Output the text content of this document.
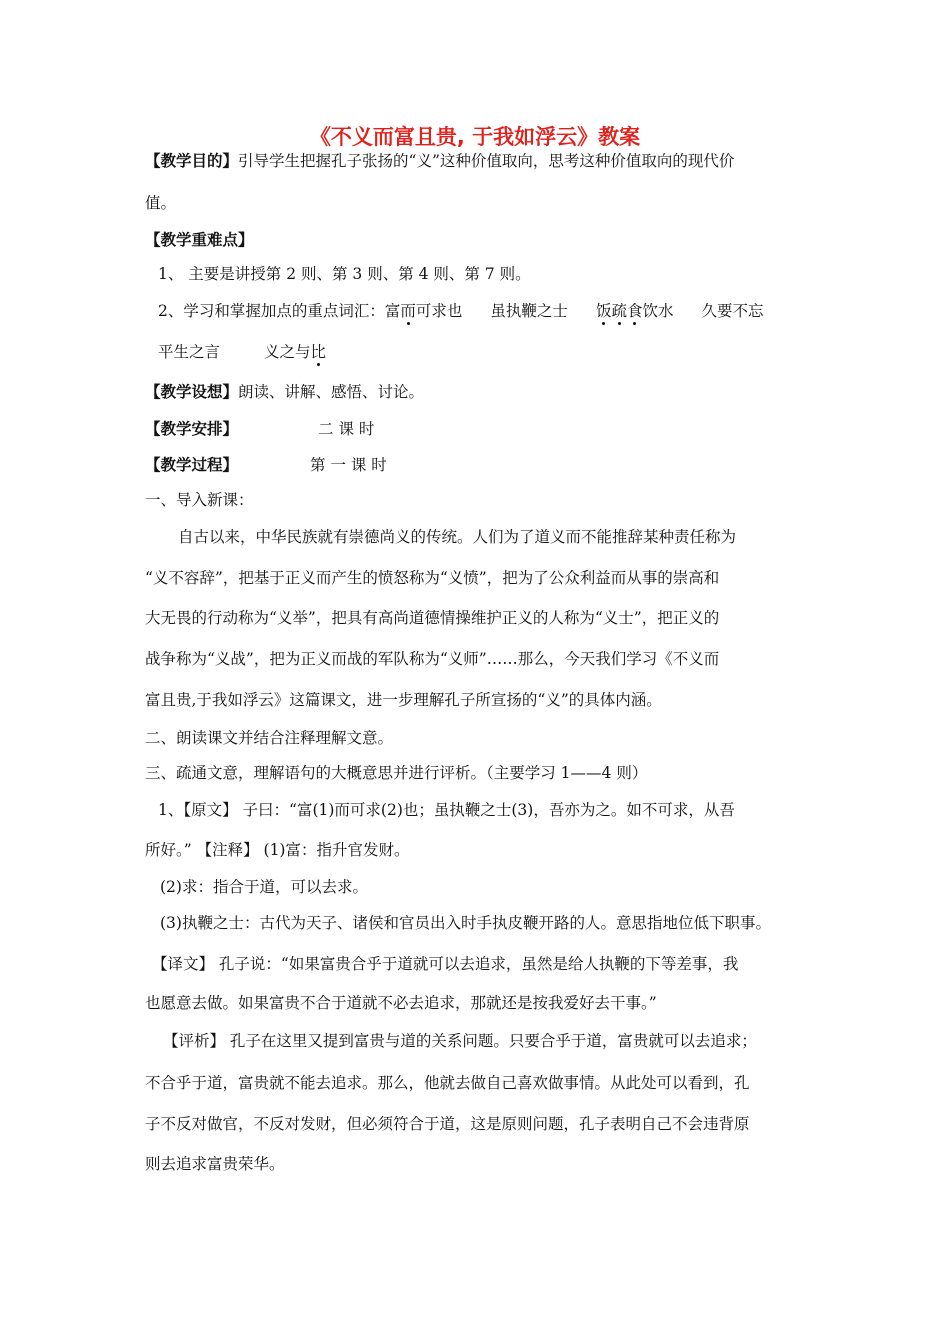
《不义而富且贵, 于我如浮云》教案
【教学目的】引导学生把握孔子张扬的“义”这种价值取向，思考这种价值取向的现代价
值。
【教学重难点】
1、 主要是讲授第 2 则、第 3 则、第 4 则、第 7 则。
2、学习和掌握加点的重点词汇：富而可求也 虽执鞭之士 饭疏食饮水 久要不忘
平生之言	义之与比
【教学设想】朗读、讲解、感悟、讨论。
【教学安排】	二 课 时
【教学过程】	第 一 课 时
一、导入新课：
自古以来，中华民族就有崇德尚义的传统。人们为了道义而不能推辞某种责任称为
“义不容辞”，把基于正义而产生的愤怒称为“义愤”，把为了公众利益而从事的崇高和
大无畏的行动称为“义举”，把具有高尚道德情操维护正义的人称为“义士”，把正义的
战争称为“义战”，把为正义而战的军队称为“义师”……那么，今天我们学习《不义而
富且贵,于我如浮云》这篇课文，进一步理解孔子所宣扬的“义”的具体内涵。
二、朗读课文并结合注释理解文意。
三、疏通文意，理解语句的大概意思并进行评析。（主要学习 1——4 则）
1、【原文】 子曰：“富(1)而可求(2)也；虽执鞭之士(3)，吾亦为之。如不可求，从吾
所好。” 【注释】 (1)富：指升官发财。
(2)求：指合于道，可以去求。
(3)执鞭之士：古代为天子、诸侯和官员出入时手执皮鞭开路的人。意思指地位低下职事。
【译文】 孔子说：“如果富贵合乎于道就可以去追求，虽然是给人执鞭的下等差事，我
也愿意去做。如果富贵不合于道就不必去追求，那就还是按我爱好去干事。”
【评析】 孔子在这里又提到富贵与道的关系问题。只要合乎于道，富贵就可以去追求；
不合乎于道，富贵就不能去追求。那么，他就去做自己喜欢做事情。从此处可以看到，孔
子不反对做官，不反对发财，但必须符合于道，这是原则问题，孔子表明自己不会违背原
则去追求富贵荣华。
